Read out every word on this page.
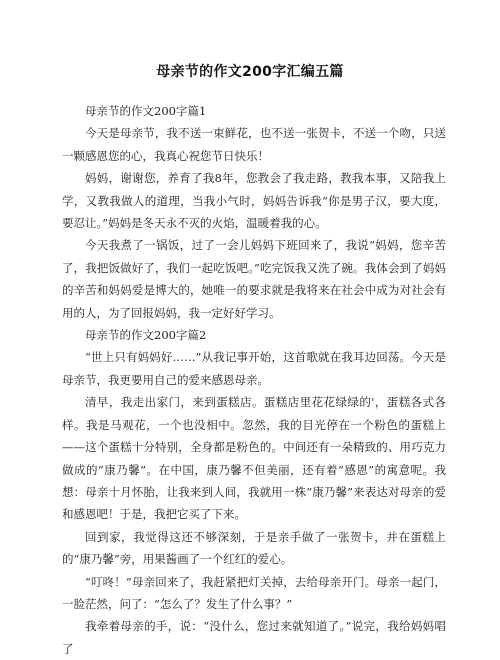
母亲节的作文200字汇编五篇

母亲节的作文200字篇1

今天是母亲节，我不送一束鲜花，也不送一张贺卡，不送一个吻，只送一颗感恩您的心，我真心祝您节日快乐！

妈妈，谢谢您，养育了我8年，您教会了我走路，教我本事，又陪我上学，又教我做人的道理，当我小气时，妈妈告诉我“你是男子汉，要大度，要忍让。”妈妈是冬天永不灭的火焰，温暖着我的心。

今天我煮了一锅饭，过了一会儿妈妈下班回来了，我说“妈妈，您辛苦了，我把饭做好了，我们一起吃饭吧。”吃完饭我又洗了碗。我体会到了妈妈的辛苦和妈妈爱是博大的，她唯一的要求就是我将来在社会中成为对社会有用的人，为了回报妈妈，我一定好好学习。

母亲节的作文200字篇2

“世上只有妈妈好……”从我记事开始，这首歌就在我耳边回荡。今天是母亲节，我更要用自己的爱来感恩母亲。

清早，我走出家门，来到蛋糕店。蛋糕店里花花绿绿的'，蛋糕各式各样。我是马观花，一个也没相中。忽然，我的目光停在一个粉色的蛋糕上——这个蛋糕十分特别，全身都是粉色的。中间还有一朵精致的、用巧克力做成的“康乃馨”。在中国，康乃馨不但美丽，还有着“感恩”的寓意呢。我想：母亲十月怀胎，让我来到人间，我就用一株“康乃馨”来表达对母亲的爱和感恩吧！于是，我把它买了下来。

回到家，我觉得这还不够深刻，于是亲手做了一张贺卡，并在蛋糕上的“康乃馨”旁，用果酱画了一个红红的爱心。

“叮咚！”母亲回来了，我赶紧把灯关掉，去给母亲开门。母亲一起门，一脸茫然，问了：“怎么了？发生了什么事？”

我牵着母亲的手，说：“没什么，您过来就知道了。”说完，我给妈妈唱了
